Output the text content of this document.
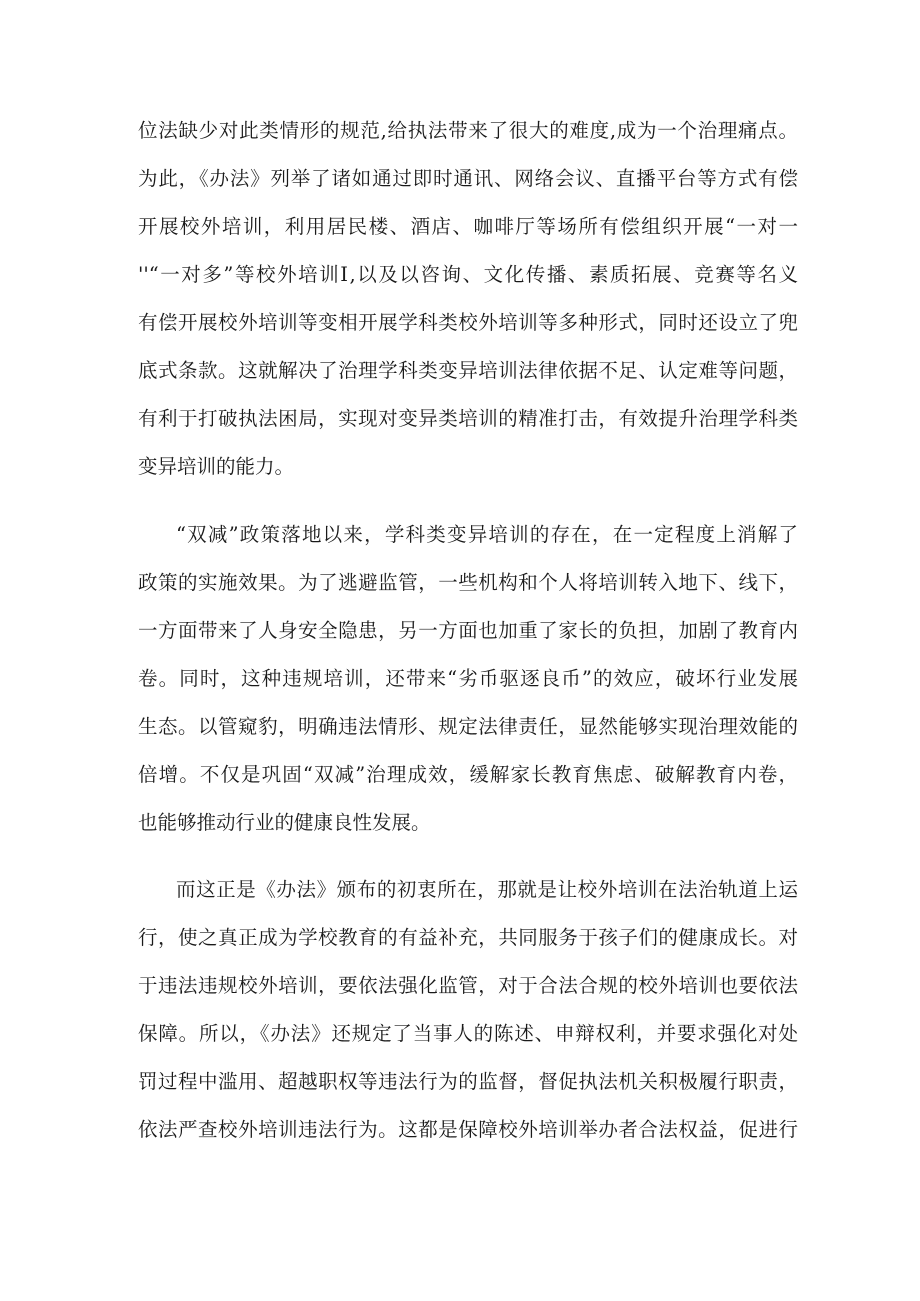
位法缺少对此类情形的规范,给执法带来了很大的难度,成为一个治理痛点。
为此，《办法》列举了诸如通过即时通讯、网络会议、直播平台等方式有偿
开展校外培训，利用居民楼、酒店、咖啡厅等场所有偿组织开展“一对一
''“一对多”等校外培训Ⅰ,以及以咨询、文化传播、素质拓展、竞赛等名义
有偿开展校外培训等变相开展学科类校外培训等多种形式，同时还设立了兜
底式条款。这就解决了治理学科类变异培训法律依据不足、认定难等问题，
有利于打破执法困局，实现对变异类培训的精准打击，有效提升治理学科类
变异培训的能力。
“双减”政策落地以来，学科类变异培训的存在，在一定程度上消解了
政策的实施效果。为了逃避监管，一些机构和个人将培训转入地下、线下，
一方面带来了人身安全隐患，另一方面也加重了家长的负担，加剧了教育内
卷。同时，这种违规培训，还带来“劣币驱逐良币”的效应，破坏行业发展
生态。以管窥豹，明确违法情形、规定法律责任，显然能够实现治理效能的
倍增。不仅是巩固“双减”治理成效，缓解家长教育焦虑、破解教育内卷，
也能够推动行业的健康良性发展。
而这正是《办法》颁布的初衷所在，那就是让校外培训在法治轨道上运
行，使之真正成为学校教育的有益补充，共同服务于孩子们的健康成长。对
于违法违规校外培训，要依法强化监管，对于合法合规的校外培训也要依法
保障。所以，《办法》还规定了当事人的陈述、申辩权利，并要求强化对处
罚过程中滥用、超越职权等违法行为的监督，督促执法机关积极履行职责，
依法严查校外培训违法行为。这都是保障校外培训举办者合法权益，促进行
